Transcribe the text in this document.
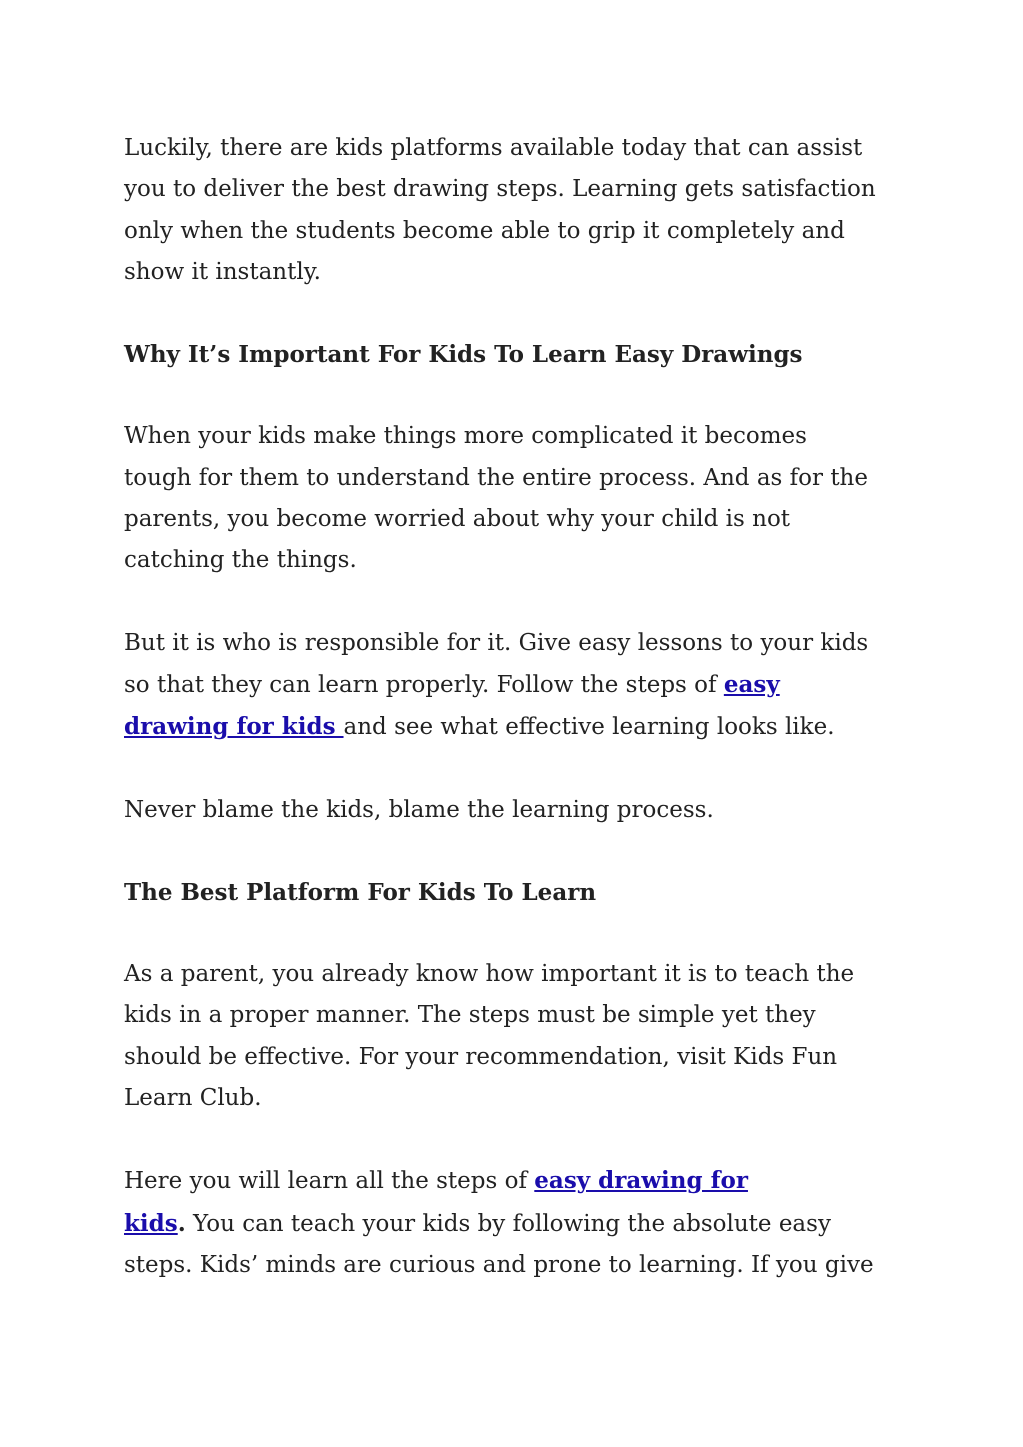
Luckily, there are kids platforms available today that can assist
you to deliver the best drawing steps. Learning gets satisfaction
only when the students become able to grip it completely and
show it instantly.

Why It’s Important For Kids To Learn Easy Drawings

When your kids make things more complicated it becomes
tough for them to understand the entire process. And as for the
parents, you become worried about why your child is not
catching the things.

But it is who is responsible for it. Give easy lessons to your kids
so that they can learn properly. Follow the steps of easy
drawing for kids and see what effective learning looks like.

Never blame the kids, blame the learning process.

The Best Platform For Kids To Learn

As a parent, you already know how important it is to teach the
kids in a proper manner. The steps must be simple yet they
should be effective. For your recommendation, visit Kids Fun
Learn Club.

Here you will learn all the steps of easy drawing for
kids. You can teach your kids by following the absolute easy
steps. Kids’ minds are curious and prone to learning. If you give
